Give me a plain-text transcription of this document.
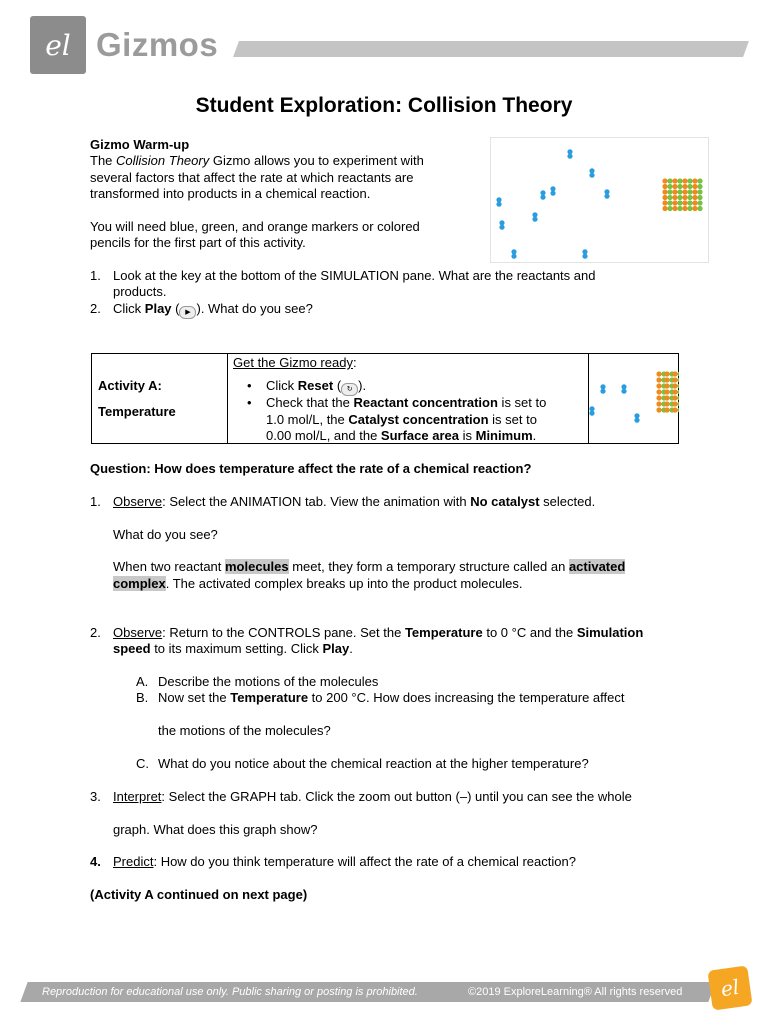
el Gizmos
Student Exploration: Collision Theory
Gizmo Warm-up
The Collision Theory Gizmo allows you to experiment with
several factors that affect the rate at which reactants are
transformed into products in a chemical reaction.
You will need blue, green, and orange markers or colored
pencils for the first part of this activity.
1. Look at the key at the bottom of the SIMULATION pane. What are the reactants and
products.
2. Click Play ( ▶ ). What do you see?
Activity A:
Temperature
Get the Gizmo ready:
• Click Reset ( ↻ ).
• Check that the Reactant concentration is set to
1.0 mol/L, the Catalyst concentration is set to
0.00 mol/L, and the Surface area is Minimum.
Question: How does temperature affect the rate of a chemical reaction?
1. Observe: Select the ANIMATION tab. View the animation with No catalyst selected.
What do you see?
When two reactant molecules meet, they form a temporary structure called an activated
complex. The activated complex breaks up into the product molecules.
2. Observe: Return to the CONTROLS pane. Set the Temperature to 0 °C and the Simulation
speed to its maximum setting. Click Play.
A. Describe the motions of the molecules
B. Now set the Temperature to 200 °C. How does increasing the temperature affect
the motions of the molecules?
C. What do you notice about the chemical reaction at the higher temperature?
3. Interpret: Select the GRAPH tab. Click the zoom out button (–) until you can see the whole
graph. What does this graph show?
4. Predict: How do you think temperature will affect the rate of a chemical reaction?
(Activity A continued on next page)
Reproduction for educational use only. Public sharing or posting is prohibited.	©2019 ExploreLearning® All rights reserved el
